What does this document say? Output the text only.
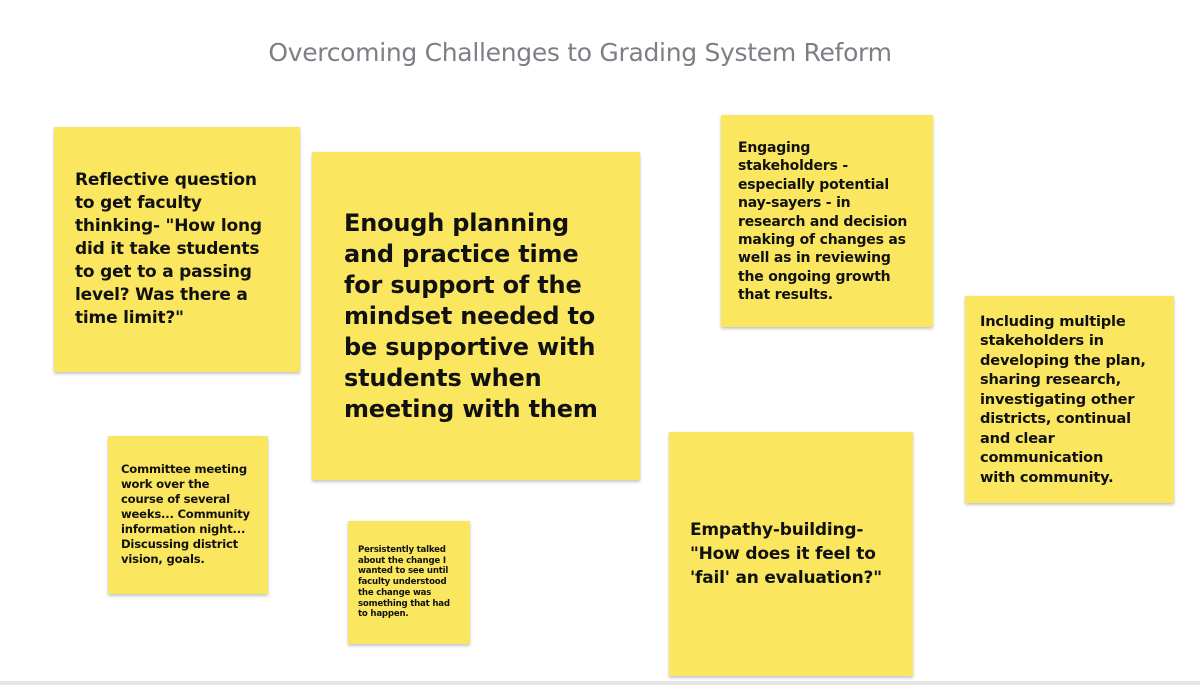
Overcoming Challenges to Grading System Reform
Reflective question
to get faculty
thinking- "How long
did it take students
to get to a passing
level? Was there a
time limit?"
Enough planning
and practice time
for support of the
mindset needed to
be supportive with
students when
meeting with them
Engaging
stakeholders -
especially potential
nay-sayers - in
research and decision
making of changes as
well as in reviewing
the ongoing growth
that results.
Including multiple
stakeholders in
developing the plan,
sharing research,
investigating other
districts, continual
and clear
communication
with community.
Committee meeting
work over the
course of several
weeks... Community
information night...
Discussing district
vision, goals.
Persistently talked
about the change I
wanted to see until
faculty understood
the change was
something that had
to happen.
Empathy-building-
"How does it feel to
'fail' an evaluation?"
